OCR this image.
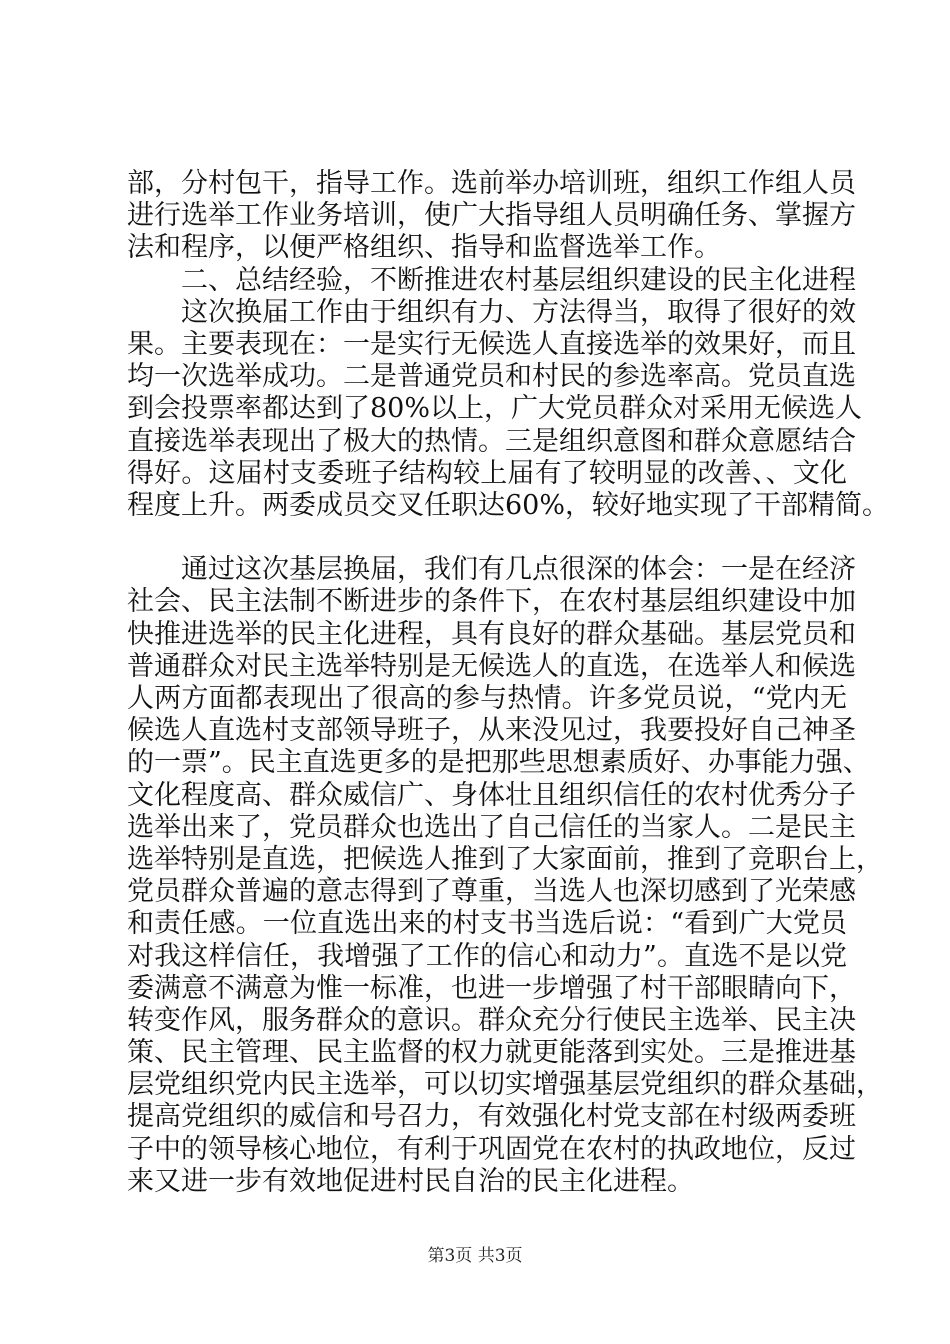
部，分村包干，指导工作。选前举办培训班，组织工作组人员
进行选举工作业务培训，使广大指导组人员明确任务、掌握方
法和程序，以便严格组织、指导和监督选举工作。
二、总结经验，不断推进农村基层组织建设的民主化进程
这次换届工作由于组织有力、方法得当，取得了很好的效
果。主要表现在：一是实行无候选人直接选举的效果好，而且
均一次选举成功。二是普通党员和村民的参选率高。党员直选
到会投票率都达到了80%以上，广大党员群众对采用无候选人
直接选举表现出了极大的热情。三是组织意图和群众意愿结合
得好。这届村支委班子结构较上届有了较明显的改善、、文化
程度上升。两委成员交叉任职达60%，较好地实现了干部精简。
通过这次基层换届，我们有几点很深的体会：一是在经济
社会、民主法制不断进步的条件下，在农村基层组织建设中加
快推进选举的民主化进程，具有良好的群众基础。基层党员和
普通群众对民主选举特别是无候选人的直选，在选举人和候选
人两方面都表现出了很高的参与热情。许多党员说，“党内无
候选人直选村支部领导班子，从来没见过，我要投好自己神圣
的一票”。民主直选更多的是把那些思想素质好、办事能力强、
文化程度高、群众威信广、身体壮且组织信任的农村优秀分子
选举出来了，党员群众也选出了自己信任的当家人。二是民主
选举特别是直选，把候选人推到了大家面前，推到了竞职台上，
党员群众普遍的意志得到了尊重，当选人也深切感到了光荣感
和责任感。一位直选出来的村支书当选后说：“看到广大党员
对我这样信任，我增强了工作的信心和动力”。直选不是以党
委满意不满意为惟一标准，也进一步增强了村干部眼睛向下，
转变作风，服务群众的意识。群众充分行使民主选举、民主决
策、民主管理、民主监督的权力就更能落到实处。三是推进基
层党组织党内民主选举，可以切实增强基层党组织的群众基础，
提高党组织的威信和号召力，有效强化村党支部在村级两委班
子中的领导核心地位，有利于巩固党在农村的执政地位，反过
来又进一步有效地促进村民自治的民主化进程。
第3页 共3页
